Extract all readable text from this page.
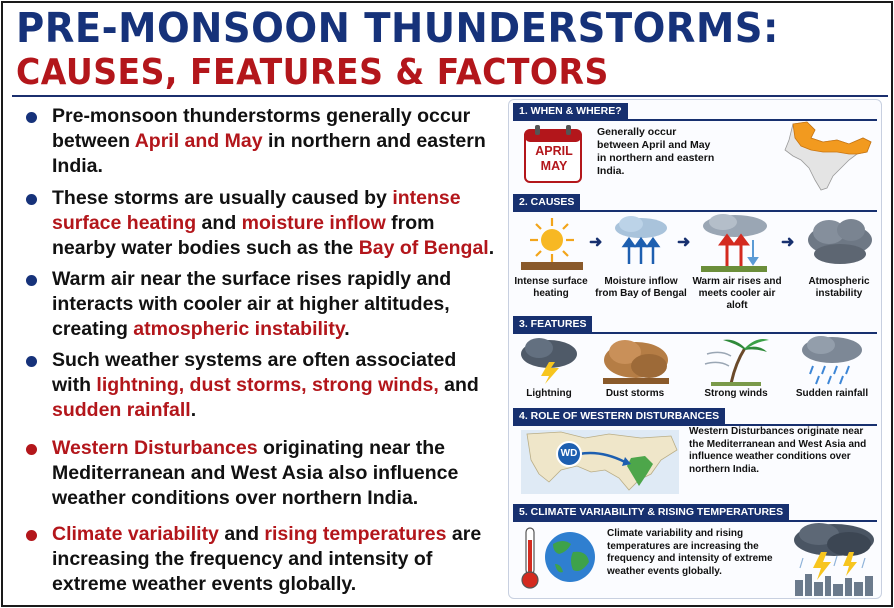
PRE-MONSOON THUNDERSTORMS:
CAUSES, FEATURES & FACTORS
Pre-monsoon thunderstorms generally occur between April and May in northern and eastern India.
These storms are usually caused by intense surface heating and moisture inflow from nearby water bodies such as the Bay of Bengal.
Warm air near the surface rises rapidly and interacts with cooler air at higher altitudes, creating atmospheric instability.
Such weather systems are often associated with lightning, dust storms, strong winds, and sudden rainfall.
Western Disturbances originating near the Mediterranean and West Asia also influence weather conditions over northern India.
Climate variability and rising temperatures are increasing the frequency and intensity of extreme weather events globally.
1. WHEN & WHERE?
APRIL
MAY
Generally occur between April and May in northern and eastern India.
2. CAUSES
Intense surface heating
➜
Moisture inflow from Bay of Bengal
➜
Warm air rises and meets cooler air aloft
➜
Atmospheric instability
3. FEATURES
Lightning	Dust storms	Strong winds	Sudden rainfall
4. ROLE OF WESTERN DISTURBANCES
WD
Western Disturbances originate near the Mediterranean and West Asia and influence weather conditions over northern India.
5. CLIMATE VARIABILITY & RISING TEMPERATURES
Climate variability and rising temperatures are increasing the frequency and intensity of extreme weather events globally.
